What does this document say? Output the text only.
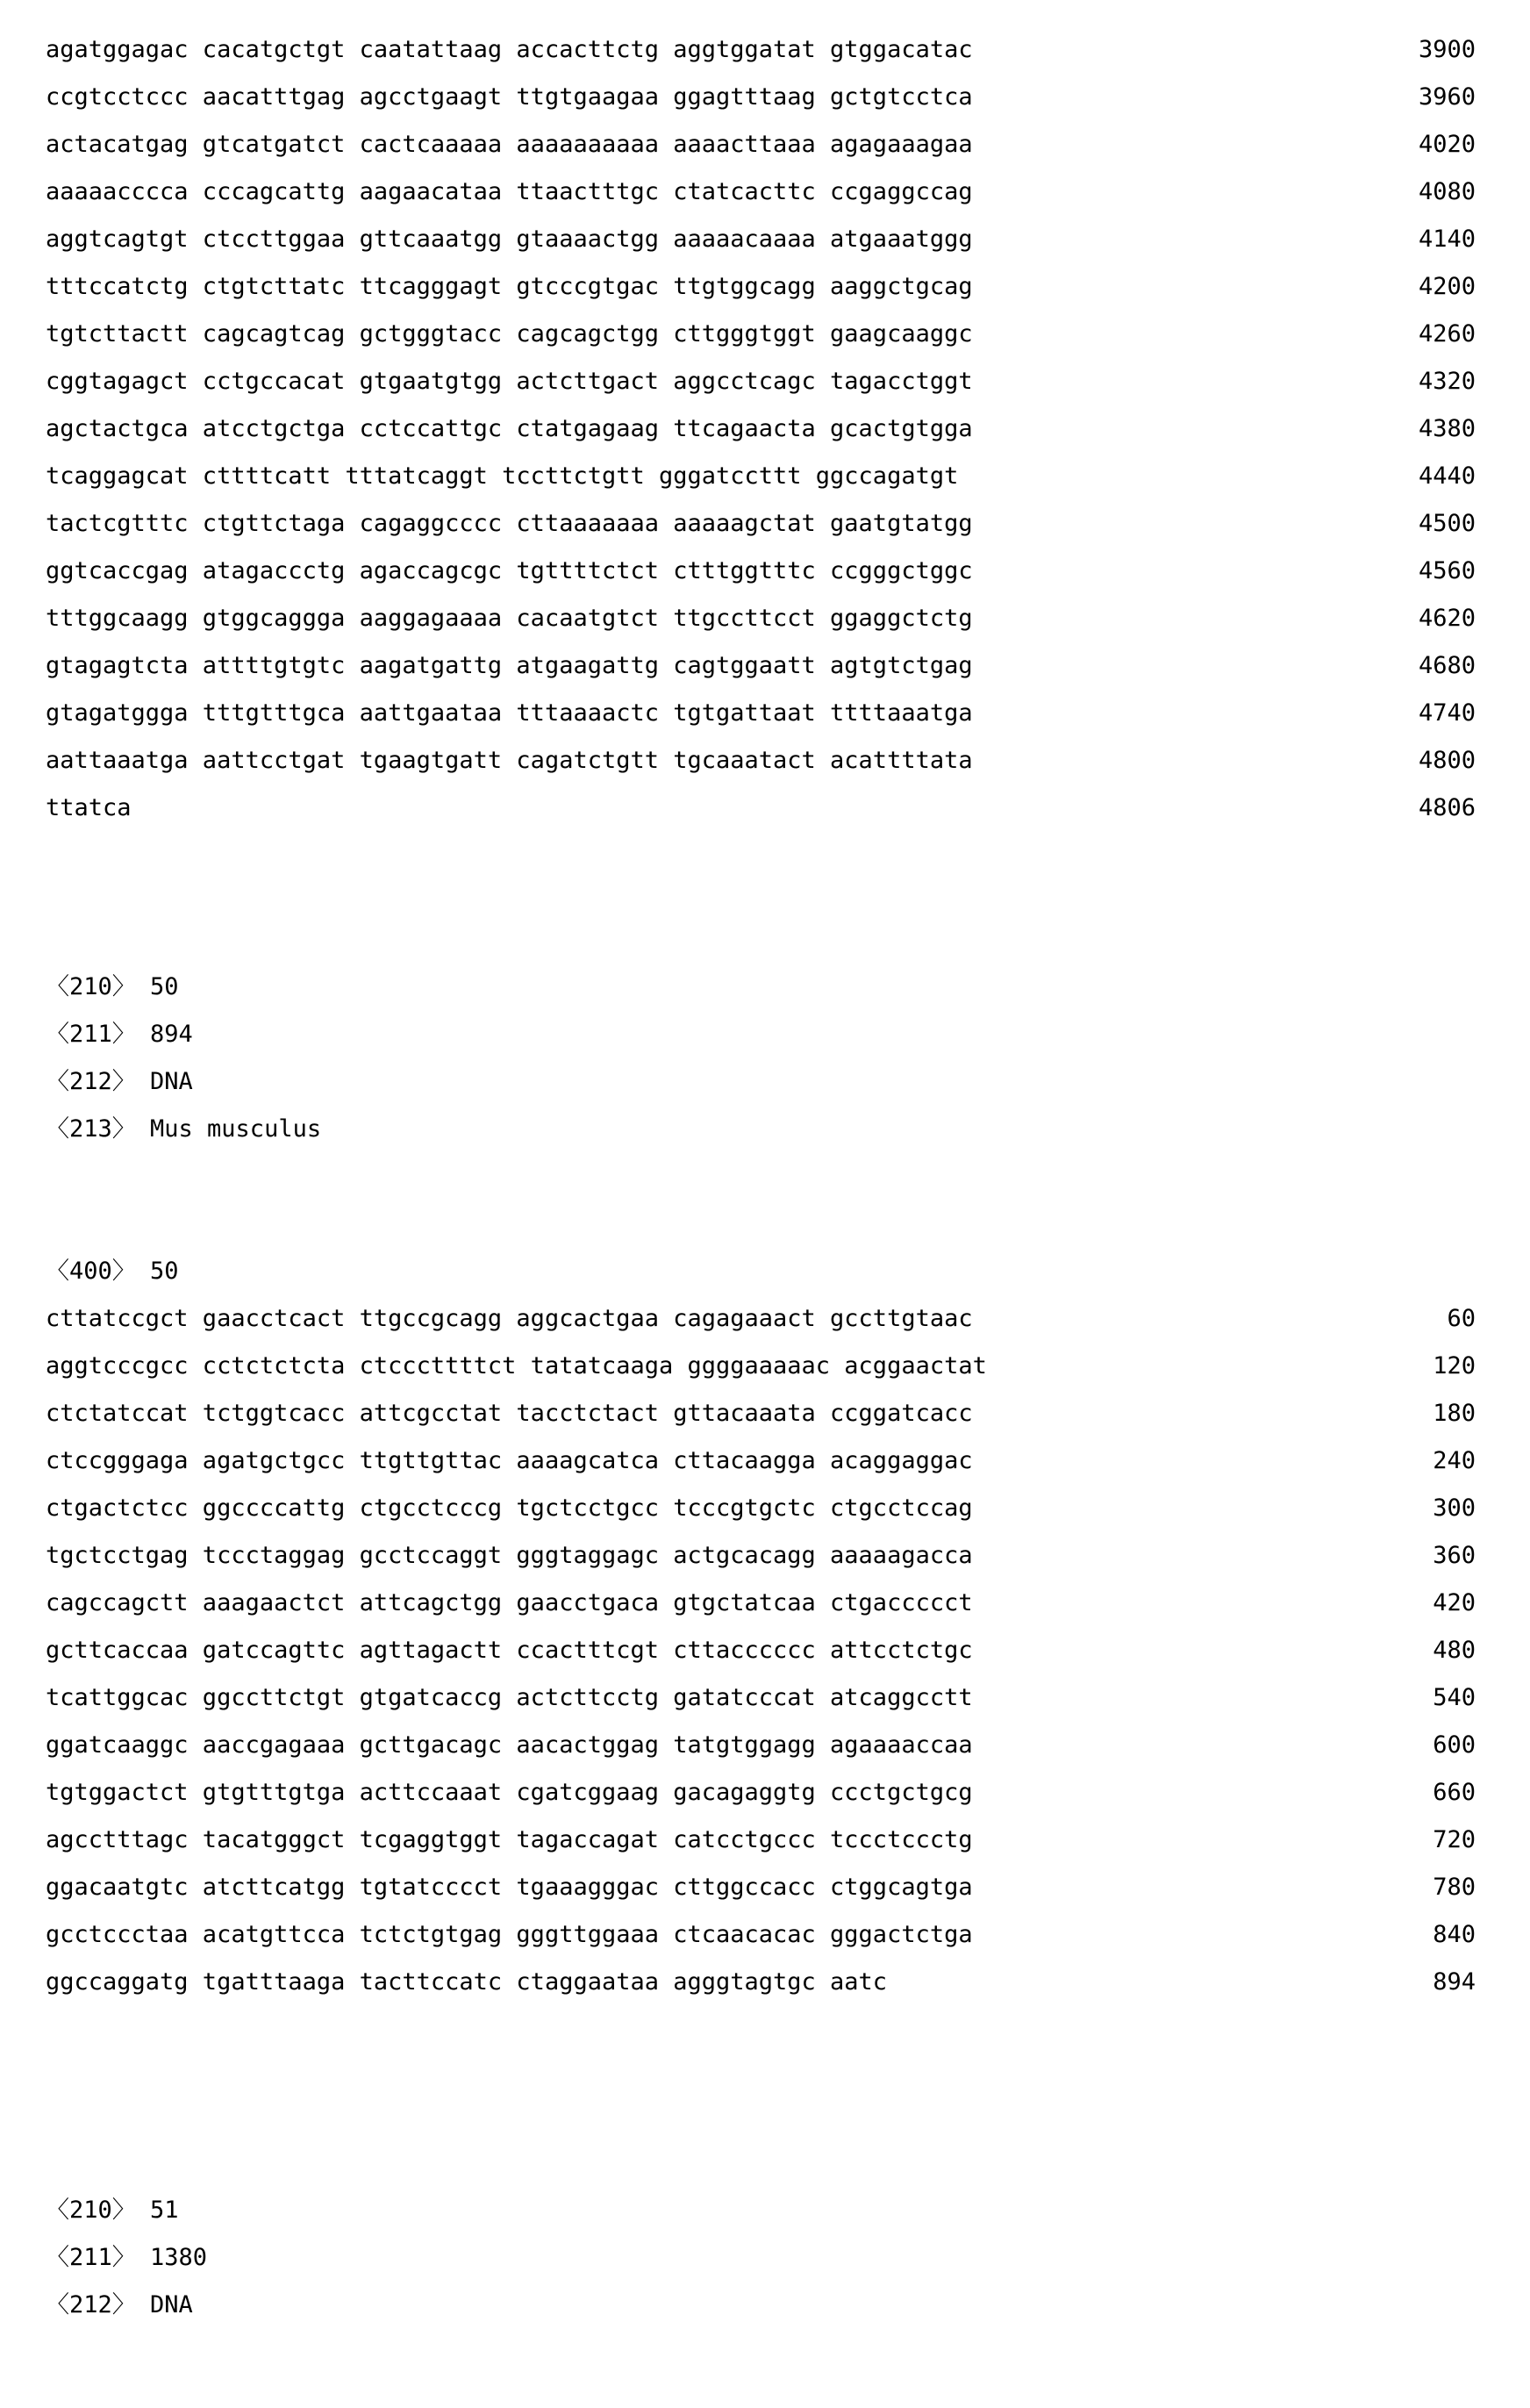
agatggagac cacatgctgt caatattaag accacttctg aggtggatat gtggacatac	3900
ccgtcctccc aacatttgag agcctgaagt ttgtgaagaa ggagtttaag gctgtcctca	3960
actacatgag gtcatgatct cactcaaaaa aaaaaaaaaa aaaacttaaa agagaaagaa	4020
aaaaacccca cccagcattg aagaacataa ttaactttgc ctatcacttc ccgaggccag	4080
aggtcagtgt ctccttggaa gttcaaatgg gtaaaactgg aaaaacaaaa atgaaatggg	4140
tttccatctg ctgtcttatc ttcagggagt gtcccgtgac ttgtggcagg aaggctgcag	4200
tgtcttactt cagcagtcag gctgggtacc cagcagctgg cttgggtggt gaagcaaggc	4260
cggtagagct cctgccacat gtgaatgtgg actcttgact aggcctcagc tagacctggt	4320
agctactgca atcctgctga cctccattgc ctatgagaag ttcagaacta gcactgtgga	4380
tcaggagcat cttttcatt tttatcaggt tccttctgtt gggatccttt ggccagatgt	4440
tactcgtttc ctgttctaga cagaggcccc cttaaaaaaa aaaaagctat gaatgtatgg	4500
ggtcaccgag atagaccctg agaccagcgc tgttttctct ctttggtttc ccgggctggc	4560
tttggcaagg gtggcaggga aaggagaaaa cacaatgtct ttgccttcct ggaggctctg	4620
gtagagtcta attttgtgtc aagatgattg atgaagattg cagtggaatt agtgtctgag	4680
gtagatggga tttgtttgca aattgaataa tttaaaactc tgtgattaat ttttaaatga	4740
aattaaatga aattcctgat tgaagtgatt cagatctgtt tgcaaatact acattttata	4800
ttatca	4806
〈210〉 50
〈211〉 894
〈212〉 DNA
〈213〉 Mus musculus
〈400〉 50
cttatccgct gaacctcact ttgccgcagg aggcactgaa cagagaaact gccttgtaac	60
aggtcccgcc cctctctcta ctcccttttct tatatcaaga ggggaaaaac acggaactat	120
ctctatccat tctggtcacc attcgcctat tacctctact gttacaaata ccggatcacc	180
ctccgggaga agatgctgcc ttgttgttac aaaagcatca cttacaagga acaggaggac	240
ctgactctcc ggccccattg ctgcctcccg tgctcctgcc tcccgtgctc ctgcctccag	300
tgctcctgag tccctaggag gcctccaggt gggtaggagc actgcacagg aaaaagacca	360
cagccagctt aaagaactct attcagctgg gaacctgaca gtgctatcaa ctgaccccct	420
gcttcaccaa gatccagttc agttagactt ccactttcgt cttacccccc attcctctgc	480
tcattggcac ggccttctgt gtgatcaccg actcttcctg gatatcccat atcaggcctt	540
ggatcaaggc aaccgagaaa gcttgacagc aacactggag tatgtggagg agaaaaccaa	600
tgtggactct gtgtttgtga acttccaaat cgatcggaag gacagaggtg ccctgctgcg	660
agcctttagc tacatgggct tcgaggtggt tagaccagat catcctgccc tccctccctg	720
ggacaatgtc atcttcatgg tgtatcccct tgaaagggac cttggccacc ctggcagtga	780
gcctccctaa acatgttcca tctctgtgag gggttggaaa ctcaacacac gggactctga	840
ggccaggatg tgatttaaga tacttccatc ctaggaataa agggtagtgc aatc	894
〈210〉 51
〈211〉 1380
〈212〉 DNA
